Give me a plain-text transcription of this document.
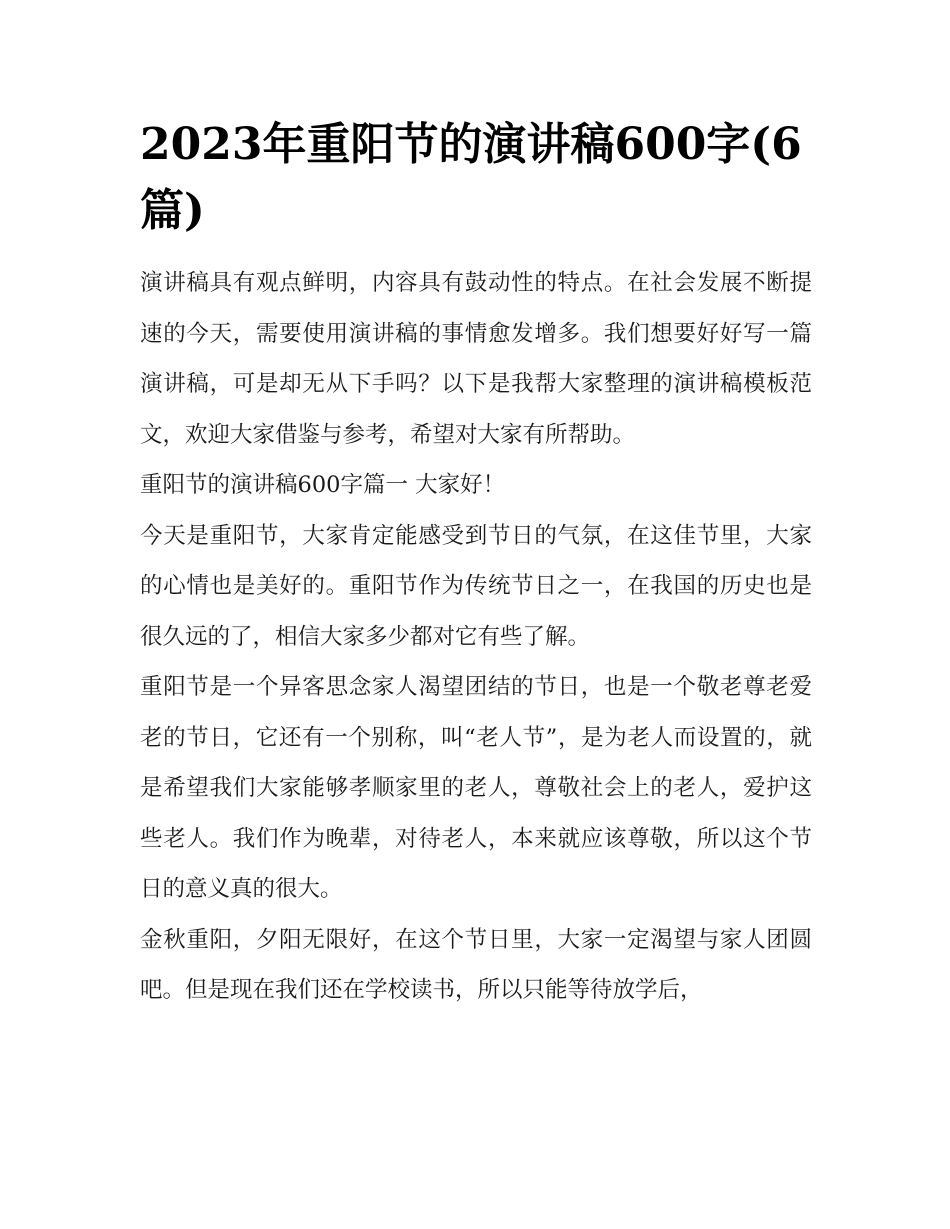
2023年重阳节的演讲稿600字(6篇)

演讲稿具有观点鲜明，内容具有鼓动性的特点。在社会发展不断提速的今天，需要使用演讲稿的事情愈发增多。我们想要好好写一篇演讲稿，可是却无从下手吗？以下是我帮大家整理的演讲稿模板范文，欢迎大家借鉴与参考，希望对大家有所帮助。

重阳节的演讲稿600字篇一 大家好！

今天是重阳节，大家肯定能感受到节日的气氛，在这佳节里，大家的心情也是美好的。重阳节作为传统节日之一，在我国的历史也是很久远的了，相信大家多少都对它有些了解。

重阳节是一个异客思念家人渴望团结的节日，也是一个敬老尊老爱老的节日，它还有一个别称，叫“老人节”，是为老人而设置的，就是希望我们大家能够孝顺家里的老人，尊敬社会上的老人，爱护这些老人。我们作为晚辈，对待老人，本来就应该尊敬，所以这个节日的意义真的很大。

金秋重阳，夕阳无限好，在这个节日里，大家一定渴望与家人团圆吧。但是现在我们还在学校读书，所以只能等待放学后，
